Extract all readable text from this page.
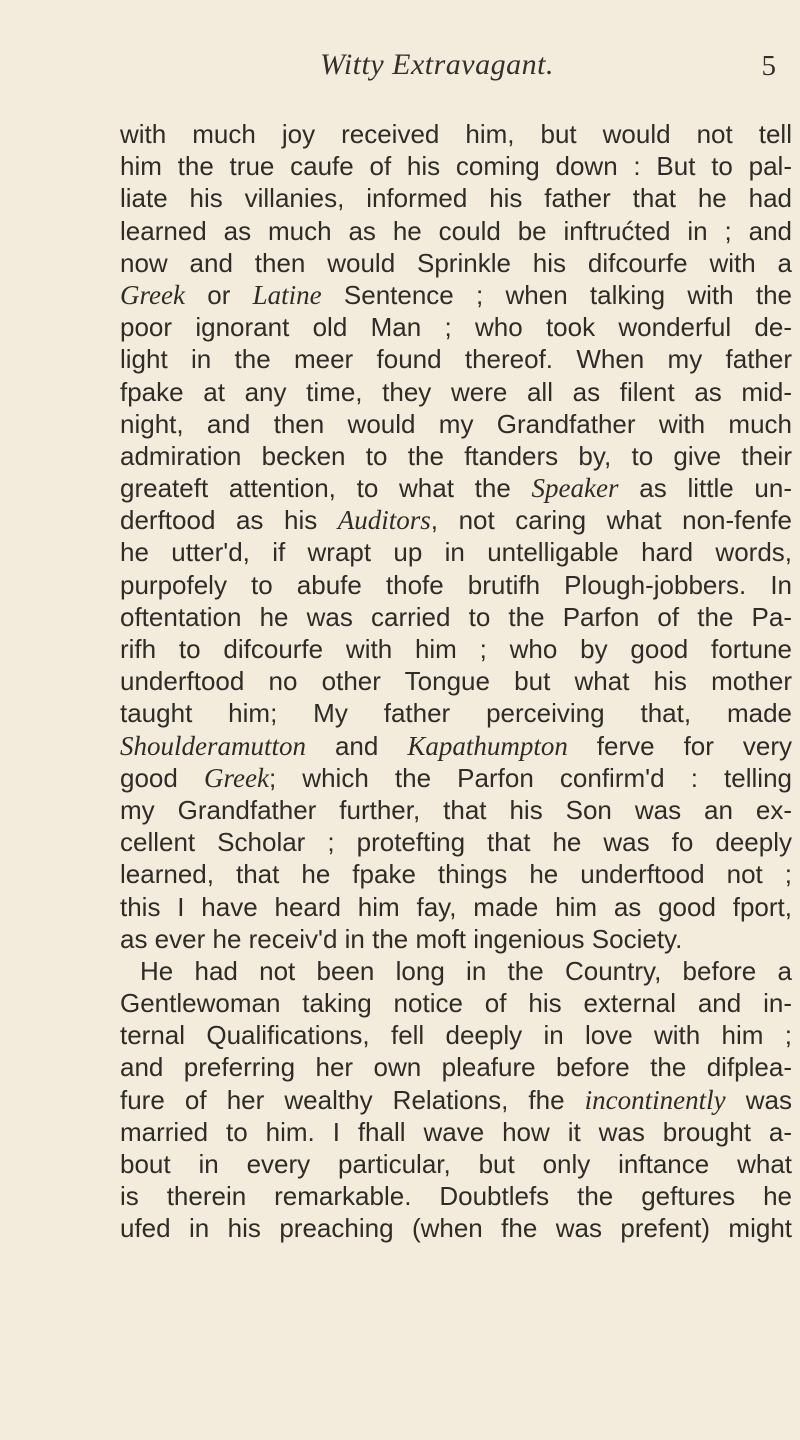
Witty Extravagant.	5
with much joy received him, but would not tell
him the true caufe of his coming down : But to pal-
liate his villanies, informed his father that he had
learned as much as he could be inftrućted in ; and
now and then would Sprinkle his difcourfe with a
Greek or Latine Sentence ; when talking with the
poor ignorant old Man ; who took wonderful de-
light in the meer found thereof. When my father
fpake at any time, they were all as filent as mid-
night, and then would my Grandfather with much
admiration becken to the ftanders by, to give their
greateft attention, to what the Speaker as little un-
derftood as his Auditors, not caring what non-fenfe
he utter'd, if wrapt up in untelligable hard words,
purpofely to abufe thofe brutifh Plough-jobbers. In
oftentation he was carried to the Parfon of the Pa-
rifh to difcourfe with him ; who by good fortune
underftood no other Tongue but what his mother
taught him; My father perceiving that, made
Shoulderamutton and Kapathumpton ferve for very
good Greek; which the Parfon confirm'd : telling
my Grandfather further, that his Son was an ex-
cellent Scholar ; protefting that he was fo deeply
learned, that he fpake things he underftood not ;
this I have heard him fay, made him as good fport,
as ever he receiv'd in the moft ingenious Society.
He had not been long in the Country, before a
Gentlewoman taking notice of his external and in-
ternal Qualifications, fell deeply in love with him ;
and preferring her own pleafure before the difplea-
fure of her wealthy Relations, fhe incontinently was
married to him. I fhall wave how it was brought a-
bout in every particular, but only inftance what
is therein remarkable. Doubtlefs the geftures he
ufed in his preaching (when fhe was prefent) might
